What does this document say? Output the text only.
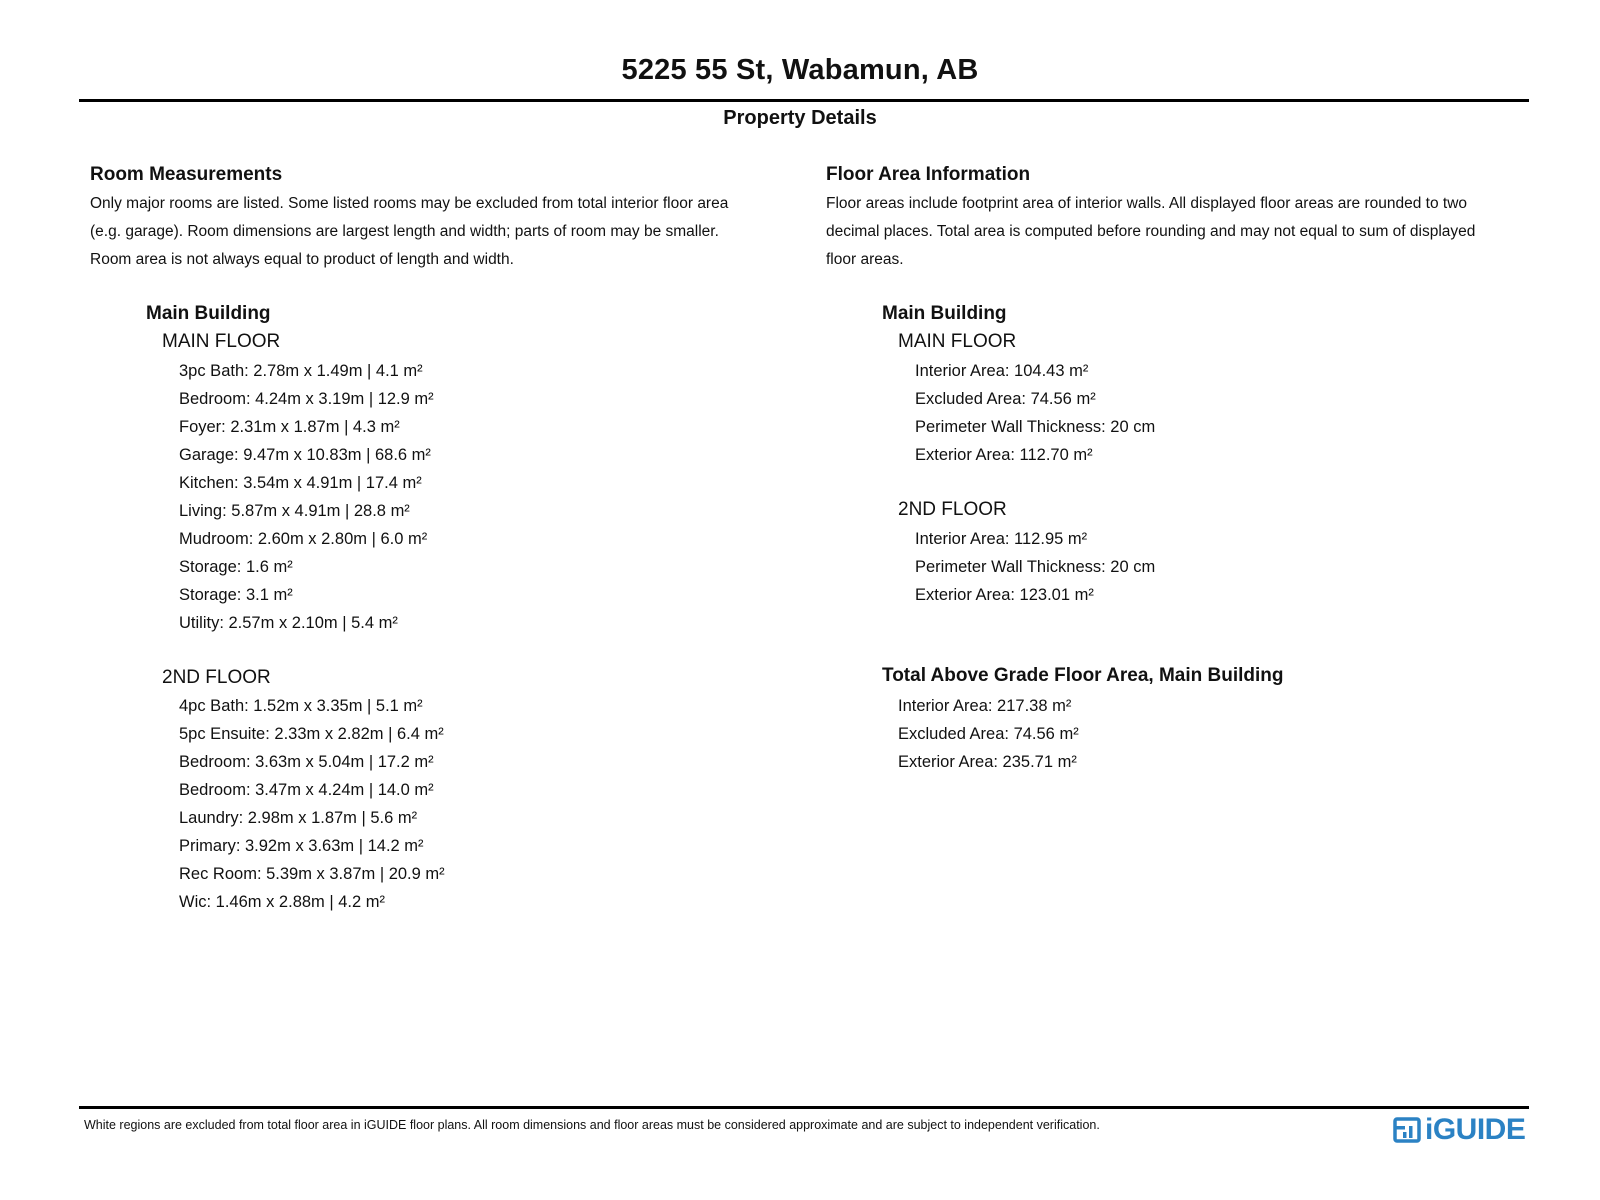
5225 55 St, Wabamun, AB
Property Details
Room Measurements

Only major rooms are listed. Some listed rooms may be excluded from total interior floor area

(e.g. garage). Room dimensions are largest length and width; parts of room may be smaller.

Room area is not always equal to product of length and width.

Main Building
MAIN FLOOR

3pc Bath: 2.78m x 1.49m | 4.1 m²

Bedroom: 4.24m x 3.19m | 12.9 m²

Foyer: 2.31m x 1.87m | 4.3 m²

Garage: 9.47m x 10.83m | 68.6 m²

Kitchen: 3.54m x 4.91m | 17.4 m²

Living: 5.87m x 4.91m | 28.8 m²

Mudroom: 2.60m x 2.80m | 6.0 m²

Storage: 1.6 m²

Storage: 3.1 m²

Utility: 2.57m x 2.10m | 5.4 m²

2ND FLOOR

4pc Bath: 1.52m x 3.35m | 5.1 m²

5pc Ensuite: 2.33m x 2.82m | 6.4 m²

Bedroom: 3.63m x 5.04m | 17.2 m²

Bedroom: 3.47m x 4.24m | 14.0 m²

Laundry: 2.98m x 1.87m | 5.6 m²

Primary: 3.92m x 3.63m | 14.2 m²

Rec Room: 5.39m x 3.87m | 20.9 m²

Wic: 1.46m x 2.88m | 4.2 m²

Floor Area Information

Floor areas include footprint area of interior walls. All displayed floor areas are rounded to two

decimal places. Total area is computed before rounding and may not equal to sum of displayed

floor areas.

Main Building
MAIN FLOOR

Interior Area: 104.43 m²

Excluded Area: 74.56 m²

Perimeter Wall Thickness: 20 cm

Exterior Area: 112.70 m²

2ND FLOOR

Interior Area: 112.95 m²

Perimeter Wall Thickness: 20 cm

Exterior Area: 123.01 m²

Total Above Grade Floor Area, Main Building

Interior Area: 217.38 m²

Excluded Area: 74.56 m²

Exterior Area: 235.71 m²

White regions are excluded from total floor area in iGUIDE floor plans. All room dimensions and floor areas must be considered approximate and are subject to independent verification.	iGUIDE
